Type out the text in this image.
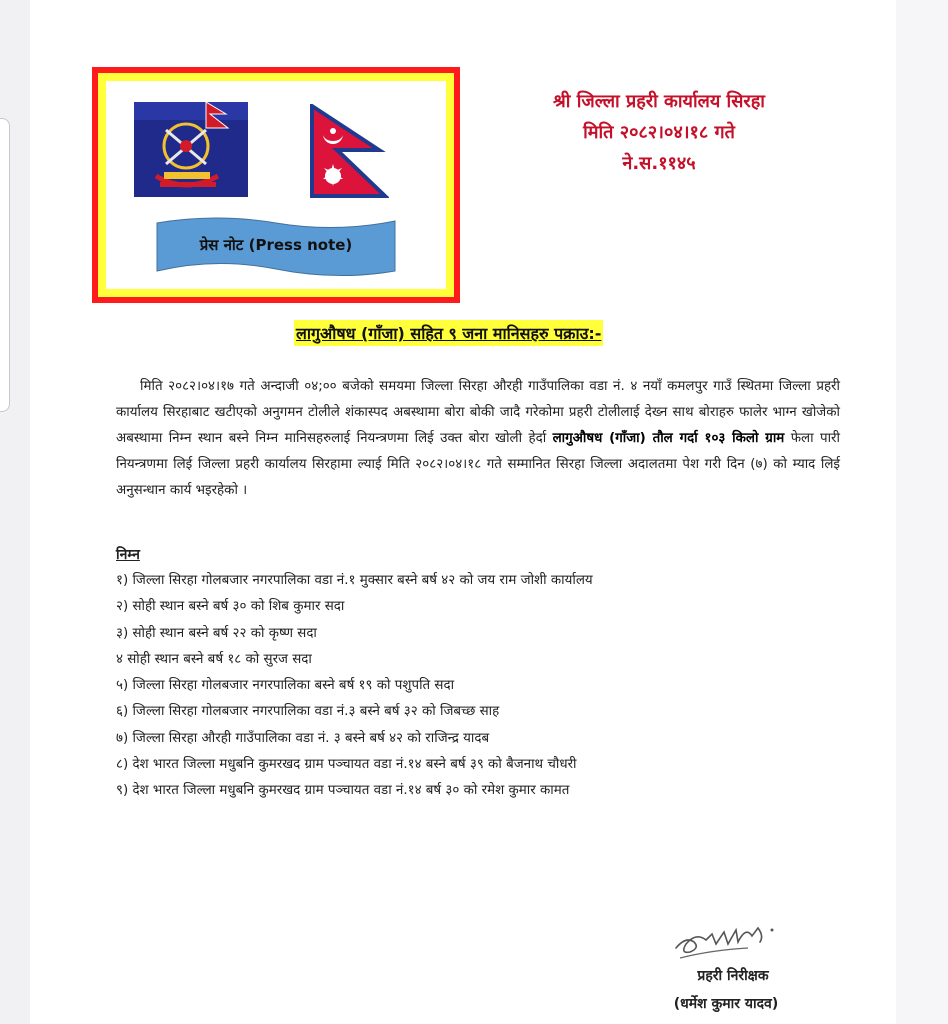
प्रेस नोट (Press note)
श्री जिल्ला प्रहरी कार्यालय सिरहा
मिति २०८२।०४।१८ गते
ने.स.११४५
लागुऔषध (गाँजा) सहित ९ जना मानिसहरु पक्राउ:-

मिति २०८२।०४।१७ गते अन्दाजी ०४;०० बजेको समयमा जिल्ला सिरहा औरही गाउँपालिका वडा नं. ४ नयाँ कमलपुर गाउँ स्थितमा जिल्ला प्रहरी कार्यालय सिरहाबाट खटीएको अनुगमन टोलीले शंकास्पद अबस्थामा बोरा बोकी जादै गरेकोमा प्रहरी टोलीलाई देख्न साथ बोराहरु फालेर भाग्न खोजेको अबस्थामा निम्न स्थान बस्ने निम्न मानिसहरुलाई नियन्त्रणमा लिई उक्त बोरा खोली हेर्दा लागुऔषध (गाँजा) तौल गर्दा १०३ किलो ग्राम फेला पारी नियन्त्रणमा लिई जिल्ला प्रहरी कार्यालय सिरहामा ल्याई मिति २०८२।०४।१८ गते सम्मानित सिरहा जिल्ला अदालतमा पेश गरी दिन (७) को म्याद लिई अनुसन्धान कार्य भइरहेको ।

निम्न
१) जिल्ला सिरहा गोलबजार नगरपालिका वडा नं.१ मुक्सार बस्ने बर्ष ४२ को जय राम जोशी कार्यालय
२) सोही स्थान बस्ने बर्ष ३० को शिब कुमार सदा
३) सोही स्थान बस्ने बर्ष २२ को कृष्ण सदा
४ सोही स्थान बस्ने बर्ष १८ को सुरज सदा
५) जिल्ला सिरहा गोलबजार नगरपालिका बस्ने बर्ष १९ को पशुपति सदा
६) जिल्ला सिरहा गोलबजार नगरपालिका वडा नं.३ बस्ने बर्ष ३२ को जिबच्छ साह
७) जिल्ला सिरहा औरही गाउँपालिका वडा नं. ३ बस्ने बर्ष ४२ को राजिन्द्र यादब
८) देश भारत जिल्ला मधुबनि कुमरखद ग्राम पञ्चायत वडा नं.१४ बस्ने बर्ष ३९ को बैजनाथ चौधरी
९) देश भारत जिल्ला मधुबनि कुमरखद ग्राम पञ्चायत वडा नं.१४ बर्ष ३० को रमेश कुमार कामत
प्रहरी निरीक्षक
(धर्मेश कुमार यादव)
